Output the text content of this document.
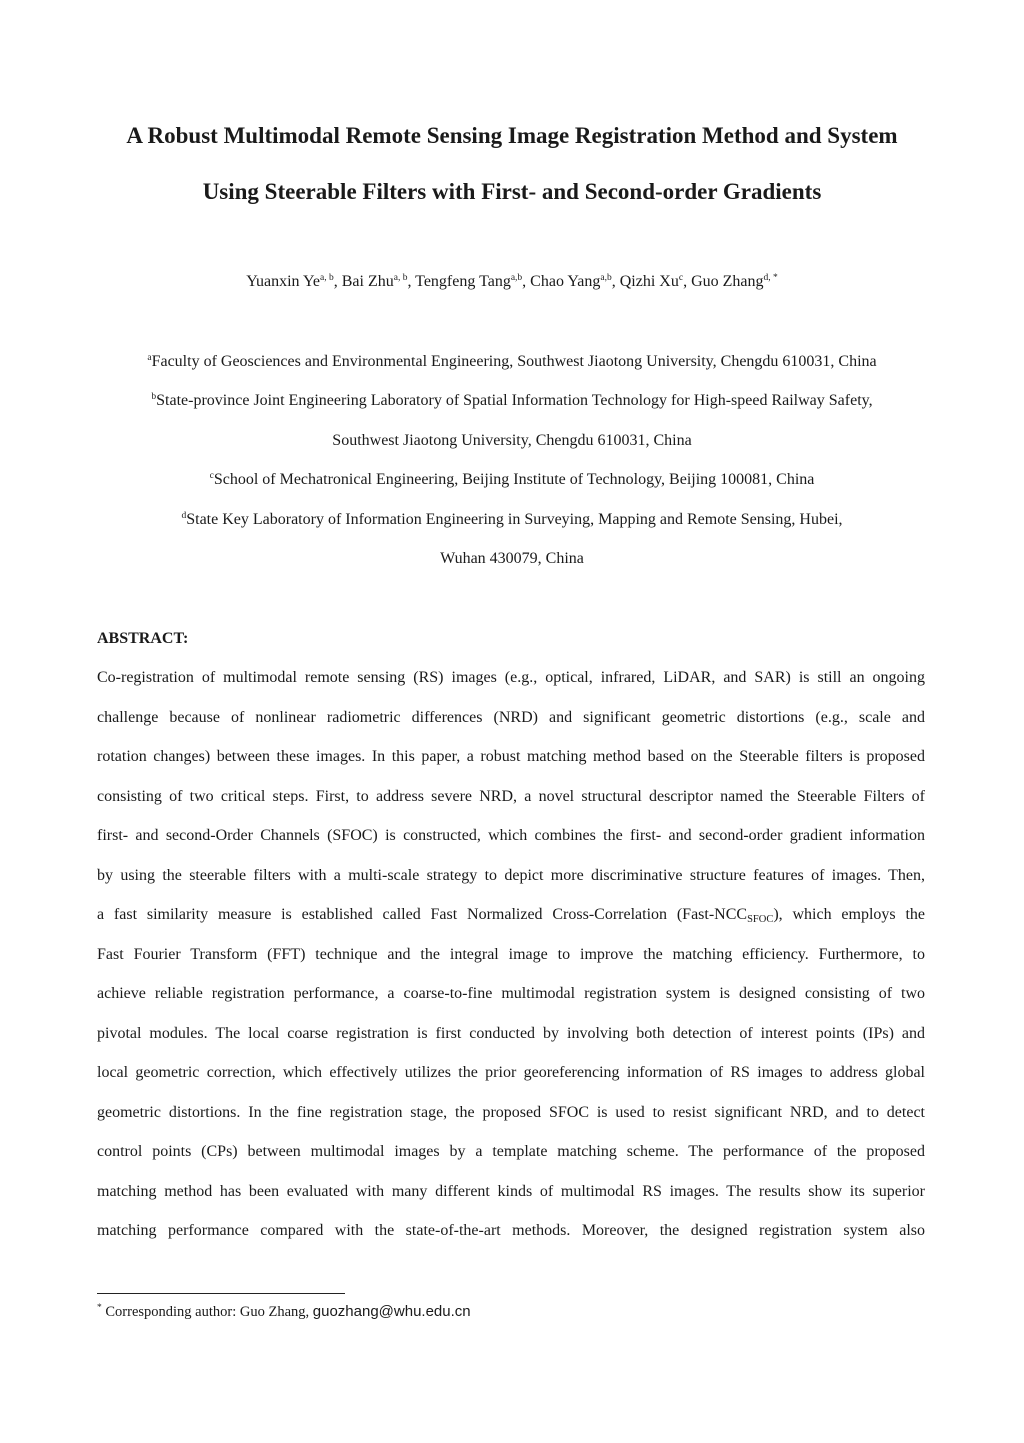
A Robust Multimodal Remote Sensing Image Registration Method and System
Using Steerable Filters with First- and Second-order Gradients
Yuanxin Ye$^{a, b}$, Bai Zhu$^{a, b}$, Tengfeng Tang$^{a,b}$, Chao Yang$^{a,b}$, Qizhi Xu$^c$, Guo Zhang$^{d, *}$
$^a$Faculty of Geosciences and Environmental Engineering, Southwest Jiaotong University, Chengdu 610031, China
$^b$State-province Joint Engineering Laboratory of Spatial Information Technology for High-speed Railway Safety,
Southwest Jiaotong University, Chengdu 610031, China
$^c$School of Mechatronical Engineering, Beijing Institute of Technology, Beijing 100081, China
$^d$State Key Laboratory of Information Engineering in Surveying, Mapping and Remote Sensing, Hubei,
Wuhan 430079, China
ABSTRACT:
Co-registration of multimodal remote sensing (RS) images (e.g., optical, infrared, LiDAR, and SAR) is still an ongoing
challenge because of nonlinear radiometric differences (NRD) and significant geometric distortions (e.g., scale and
rotation changes) between these images. In this paper, a robust matching method based on the Steerable filters is proposed
consisting of two critical steps. First, to address severe NRD, a novel structural descriptor named the Steerable Filters of
first- and second-Order Channels (SFOC) is constructed, which combines the first- and second-order gradient information
by using the steerable filters with a multi-scale strategy to depict more discriminative structure features of images. Then,
a fast similarity measure is established called Fast Normalized Cross-Correlation $(Fast-NCC_{SFOC})$, which employs the
Fast Fourier Transform (FFT) technique and the integral image to improve the matching efficiency. Furthermore, to
achieve reliable registration performance, a coarse-to-fine multimodal registration system is designed consisting of two
pivotal modules. The local coarse registration is first conducted by involving both detection of interest points (IPs) and
local geometric correction, which effectively utilizes the prior georeferencing information of RS images to address global
geometric distortions. In the fine registration stage, the proposed SFOC is used to resist significant NRD, and to detect
control points (CPs) between multimodal images by a template matching scheme. The performance of the proposed
matching method has been evaluated with many different kinds of multimodal RS images. The results show its superior
matching performance compared with the state-of-the-art methods. Moreover, the designed registration system also
* Corresponding author: Guo Zhang, guozhang@whu.edu.cn
